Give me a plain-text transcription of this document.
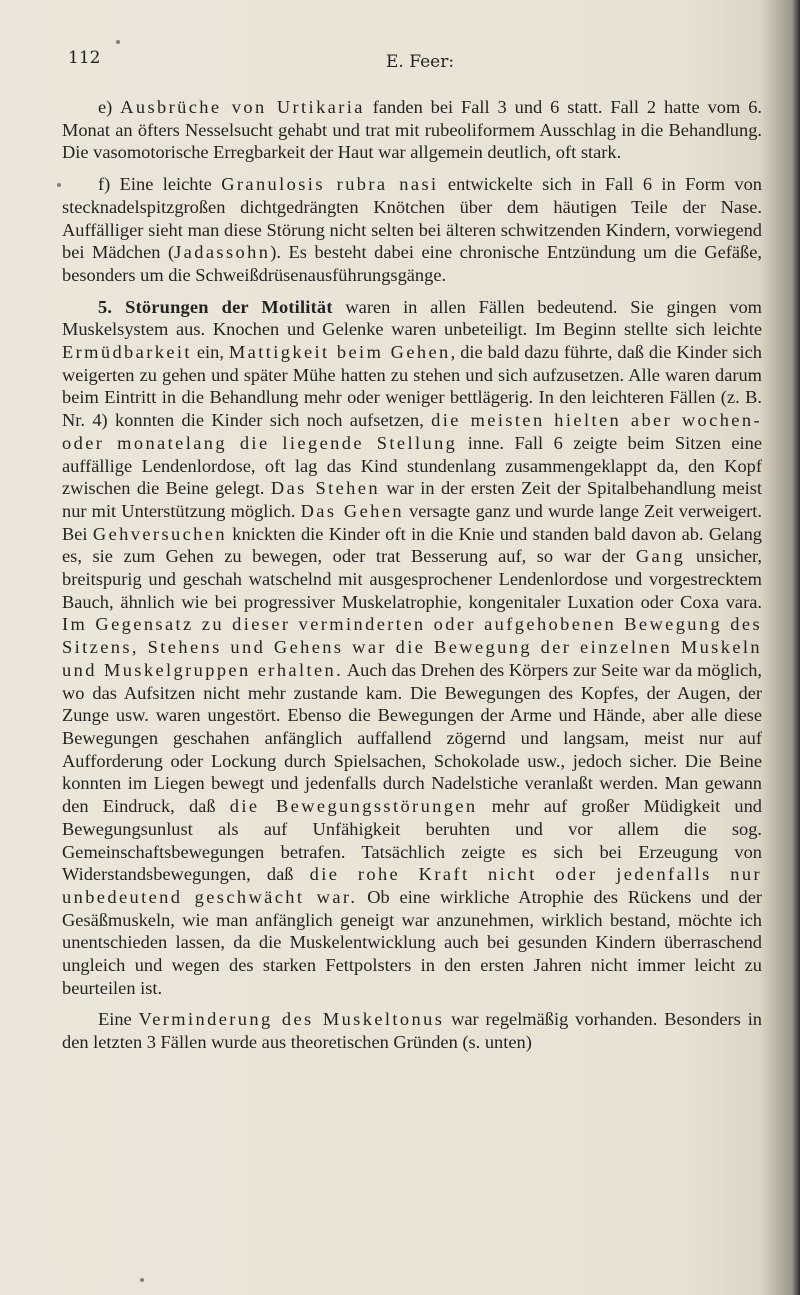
112	E. Feer:

e) Ausbrüche von Urtikaria fanden bei Fall 3 und 6 statt. Fall 2 hatte vom 6. Monat an öfters Nesselsucht gehabt und trat mit rubeoliformem Ausschlag in die Behandlung. Die vasomotorische Erregbarkeit der Haut war allgemein deutlich, oft stark.

f) Eine leichte Granulosis rubra nasi entwickelte sich in Fall 6 in Form von stecknadelspitzgroßen dichtgedrängten Knötchen über dem häutigen Teile der Nase. Auffälliger sieht man diese Störung nicht selten bei älteren schwitzenden Kindern, vorwiegend bei Mädchen (Jadassohn). Es besteht dabei eine chronische Entzündung um die Gefäße, besonders um die Schweißdrüsenausführungsgänge.

5. Störungen der Motilität waren in allen Fällen bedeutend. Sie gingen vom Muskelsystem aus. Knochen und Gelenke waren unbeteiligt. Im Beginn stellte sich leichte Ermüdbarkeit ein, Mattigkeit beim Gehen, die bald dazu führte, daß die Kinder sich weigerten zu gehen und später Mühe hatten zu stehen und sich aufzusetzen. Alle waren darum beim Eintritt in die Behandlung mehr oder weniger bettlägerig. In den leichteren Fällen (z. B. Nr. 4) konnten die Kinder sich noch aufsetzen, die meisten hielten aber wochen- oder monatelang die liegende Stellung inne. Fall 6 zeigte beim Sitzen eine auffällige Lendenlordose, oft lag das Kind stundenlang zusammengeklappt da, den Kopf zwischen die Beine gelegt. Das Stehen war in der ersten Zeit der Spitalbehandlung meist nur mit Unterstützung möglich. Das Gehen versagte ganz und wurde lange Zeit verweigert. Bei Gehversuchen knickten die Kinder oft in die Knie und standen bald davon ab. Gelang es, sie zum Gehen zu bewegen, oder trat Besserung auf, so war der Gang unsicher, breitspurig und geschah watschelnd mit ausgesprochener Lendenlordose und vorgestrecktem Bauch, ähnlich wie bei progressiver Muskelatrophie, kongenitaler Luxation oder Coxa vara. Im Gegensatz zu dieser verminderten oder aufgehobenen Bewegung des Sitzens, Stehens und Gehens war die Bewegung der einzelnen Muskeln und Muskelgruppen erhalten. Auch das Drehen des Körpers zur Seite war da möglich, wo das Aufsitzen nicht mehr zustande kam. Die Bewegungen des Kopfes, der Augen, der Zunge usw. waren ungestört. Ebenso die Bewegungen der Arme und Hände, aber alle diese Bewegungen geschahen anfänglich auffallend zögernd und langsam, meist nur auf Aufforderung oder Lockung durch Spielsachen, Schokolade usw., jedoch sicher. Die Beine konnten im Liegen bewegt und jedenfalls durch Nadelstiche veranlaßt werden. Man gewann den Eindruck, daß die Bewegungsstörungen mehr auf großer Müdigkeit und Bewegungsunlust als auf Unfähigkeit beruhten und vor allem die sog. Gemeinschaftsbewegungen betrafen. Tatsächlich zeigte es sich bei Erzeugung von Widerstandsbewegungen, daß die rohe Kraft nicht oder jedenfalls nur unbedeutend geschwächt war. Ob eine wirkliche Atrophie des Rückens und der Gesäßmuskeln, wie man anfänglich geneigt war anzunehmen, wirklich bestand, möchte ich unentschieden lassen, da die Muskelentwicklung auch bei gesunden Kindern überraschend ungleich und wegen des starken Fettpolsters in den ersten Jahren nicht immer leicht zu beurteilen ist.

Eine Verminderung des Muskeltonus war regelmäßig vorhanden. Besonders in den letzten 3 Fällen wurde aus theoretischen Gründen (s. unten)
